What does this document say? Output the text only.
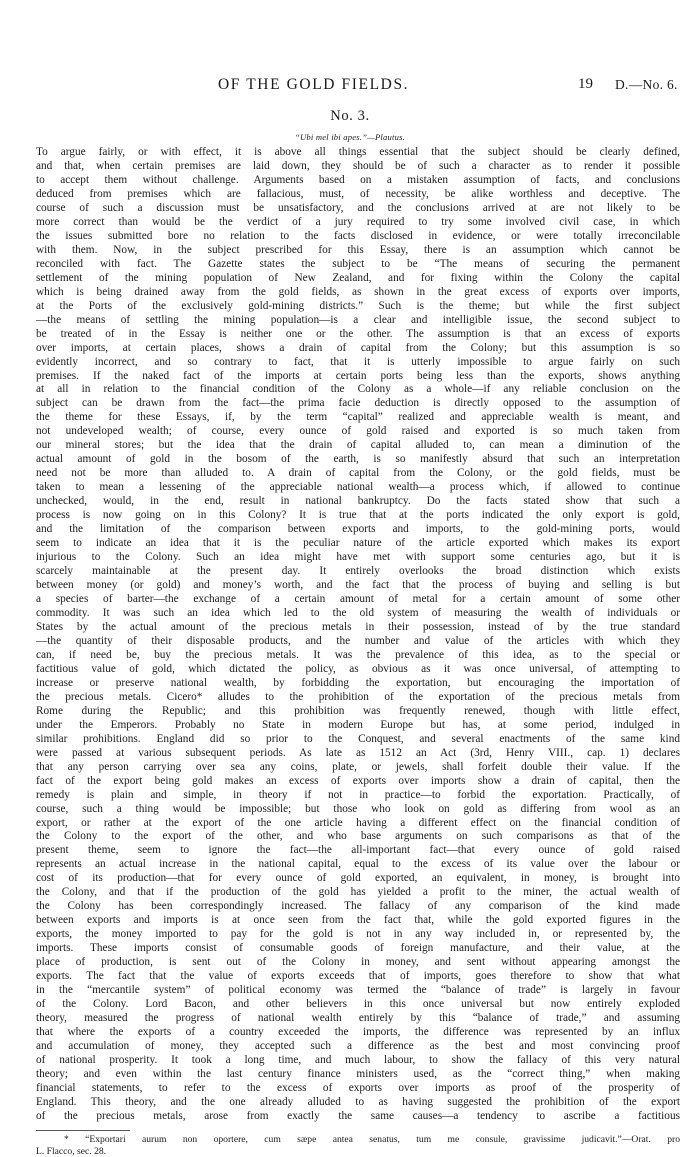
OF THE GOLD FIELDS.	19 D.—No. 6.
No. 3.
“Ubi mel ibi apes.”—Plautus.
To argue fairly, or with effect, it is above all things essential that the subject should be clearly defined,
and that, when certain premises are laid down, they should be of such a character as to render it possible
to accept them without challenge. Arguments based on a mistaken assumption of facts, and conclusions
deduced from premises which are fallacious, must, of necessity, be alike worthless and deceptive. The
course of such a discussion must be unsatisfactory, and the conclusions arrived at are not likely to be
more correct than would be the verdict of a jury required to try some involved civil case, in which
the issues submitted bore no relation to the facts disclosed in evidence, or were totally irreconcilable
with them. Now, in the subject prescribed for this Essay, there is an assumption which cannot be
reconciled with fact. The Gazette states the subject to be “The means of securing the permanent
settlement of the mining population of New Zealand, and for fixing within the Colony the capital
which is being drained away from the gold fields, as shown in the great excess of exports over imports,
at the Ports of the exclusively gold-mining districts.” Such is the theme; but while the first subject
—the means of settling the mining population—is a clear and intelligible issue, the second subject to
be treated of in the Essay is neither one or the other. The assumption is that an excess of exports
over imports, at certain places, shows a drain of capital from the Colony; but this assumption is so
evidently incorrect, and so contrary to fact, that it is utterly impossible to argue fairly on such
premises. If the naked fact of the imports at certain ports being less than the exports, shows anything
at all in relation to the financial condition of the Colony as a whole—if any reliable conclusion on the
subject can be drawn from the fact—the prima facie deduction is directly opposed to the assumption of
the theme for these Essays, if, by the term “capital” realized and appreciable wealth is meant, and
not undeveloped wealth; of course, every ounce of gold raised and exported is so much taken from
our mineral stores; but the idea that the drain of capital alluded to, can mean a diminution of the
actual amount of gold in the bosom of the earth, is so manifestly absurd that such an interpretation
need not be more than alluded to. A drain of capital from the Colony, or the gold fields, must be
taken to mean a lessening of the appreciable national wealth—a process which, if allowed to continue
unchecked, would, in the end, result in national bankruptcy. Do the facts stated show that such a
process is now going on in this Colony? It is true that at the ports indicated the only export is gold,
and the limitation of the comparison between exports and imports, to the gold-mining ports, would
seem to indicate an idea that it is the peculiar nature of the article exported which makes its export
injurious to the Colony. Such an idea might have met with support some centuries ago, but it is
scarcely maintainable at the present day. It entirely overlooks the broad distinction which exists
between money (or gold) and money’s worth, and the fact that the process of buying and selling is but
a species of barter—the exchange of a certain amount of metal for a certain amount of some other
commodity. It was such an idea which led to the old system of measuring the wealth of individuals or
States by the actual amount of the precious metals in their possession, instead of by the true standard
—the quantity of their disposable products, and the number and value of the articles with which they
can, if need be, buy the precious metals. It was the prevalence of this idea, as to the special or
factitious value of gold, which dictated the policy, as obvious as it was once universal, of attempting to
increase or preserve national wealth, by forbidding the exportation, but encouraging the importation of
the precious metals. Cicero* alludes to the prohibition of the exportation of the precious metals from
Rome during the Republic; and this prohibition was frequently renewed, though with little effect,
under the Emperors. Probably no State in modern Europe but has, at some period, indulged in
similar prohibitions. England did so prior to the Conquest, and several enactments of the same kind
were passed at various subsequent periods. As late as 1512 an Act (3rd, Henry VIII., cap. 1) declares
that any person carrying over sea any coins, plate, or jewels, shall forfeit double their value. If the
fact of the export being gold makes an excess of exports over imports show a drain of capital, then the
remedy is plain and simple, in theory if not in practice—to forbid the exportation. Practically, of
course, such a thing would be impossible; but those who look on gold as differing from wool as an
export, or rather at the export of the one article having a different effect on the financial condition of
the Colony to the export of the other, and who base arguments on such comparisons as that of the
present theme, seem to ignore the fact—the all-important fact—that every ounce of gold raised
represents an actual increase in the national capital, equal to the excess of its value over the labour or
cost of its production—that for every ounce of gold exported, an equivalent, in money, is brought into
the Colony, and that if the production of the gold has yielded a profit to the miner, the actual wealth of
the Colony has been correspondingly increased. The fallacy of any comparison of the kind made
between exports and imports is at once seen from the fact that, while the gold exported figures in the
exports, the money imported to pay for the gold is not in any way included in, or represented by, the
imports. These imports consist of consumable goods of foreign manufacture, and their value, at the
place of production, is sent out of the Colony in money, and sent without appearing amongst the
exports. The fact that the value of exports exceeds that of imports, goes therefore to show that what
in the “mercantile system” of political economy was termed the “balance of trade” is largely in favour
of the Colony. Lord Bacon, and other believers in this once universal but now entirely exploded
theory, measured the progress of national wealth entirely by this “balance of trade,” and assuming
that where the exports of a country exceeded the imports, the difference was represented by an influx
and accumulation of money, they accepted such a difference as the best and most convincing proof
of national prosperity. It took a long time, and much labour, to show the fallacy of this very natural
theory; and even within the last century finance ministers used, as the “correct thing,” when making
financial statements, to refer to the excess of exports over imports as proof of the prosperity of
England. This theory, and the one already alluded to as having suggested the prohibition of the export
of the precious metals, arose from exactly the same causes—a tendency to ascribe a factitious
* “Exportari aurum non oportere, cum sæpe antea senatus, tum me consule, gravissime judicavit.”—Orat. pro
L. Flacco, sec. 28.
